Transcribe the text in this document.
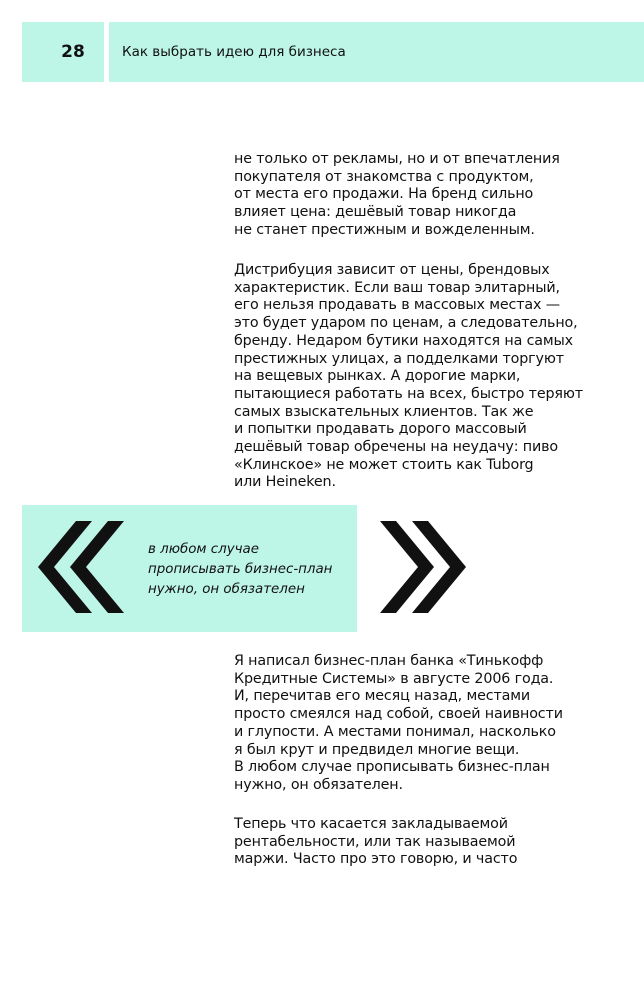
28	Как выбрать идею для бизнеса

не только от рекламы, но и от впечатления
покупателя от знакомства с продуктом,
от места его продажи. На бренд сильно
влияет цена: дешёвый товар никогда
не станет престижным и вожделенным.

Дистрибуция зависит от цены, брендовых
характеристик. Если ваш товар элитарный,
его нельзя продавать в массовых местах —
это будет ударом по ценам, а следовательно,
бренду. Недаром бутики находятся на самых
престижных улицах, а подделками торгуют
на вещевых рынках. А дорогие марки,
пытающиеся работать на всех, быстро теряют
самых взыскательных клиентов. Так же
и попытки продавать дорого массовый
дешёвый товар обречены на неудачу: пиво
«Клинское» не может стоить как Tuborg
или Heineken.

в любом случае
прописывать бизнес-план
нужно, он обязателен

Я написал бизнес-план банка «Тинькофф
Кредитные Системы» в августе 2006 года.
И, перечитав его месяц назад, местами
просто смеялся над собой, своей наивности
и глупости. А местами понимал, насколько
я был крут и предвидел многие вещи.
В любом случае прописывать бизнес-план
нужно, он обязателен.

Теперь что касается закладываемой
рентабельности, или так называемой
маржи. Часто про это говорю, и часто
